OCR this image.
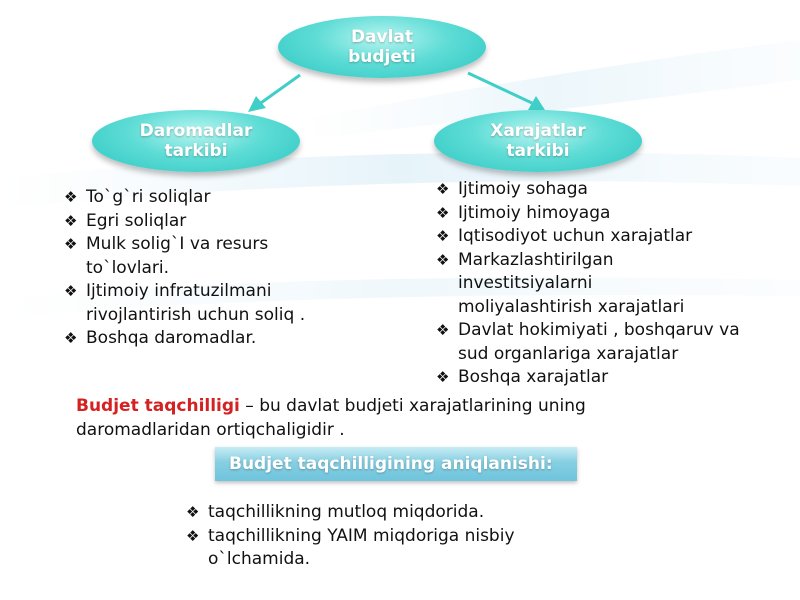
Davlat
budjeti
Daromadlar
tarkibi
Xarajatlar
tarkibi
❖ To`g`ri soliqlar
❖ Egri soliqlar
❖ Mulk solig`I va resurs
to`lovlari.
❖ Ijtimoiy infratuzilmani
rivojlantirish uchun soliq .
❖ Boshqa daromadlar.
❖ Ijtimoiy sohaga
❖ Ijtimoiy himoyaga
❖ Iqtisodiyot uchun xarajatlar
❖ Markazlashtirilgan
investitsiyalarni
moliyalashtirish xarajatlari
❖ Davlat hokimiyati , boshqaruv va
sud organlariga xarajatlar
❖ Boshqa xarajatlar
Budjet taqchilligi – bu davlat budjeti xarajatlarining uning daromadlaridan ortiqchaligidir .
Budjet taqchilligining aniqlanishi:
❖ taqchillikning mutloq miqdorida.
❖ taqchillikning YAIM miqdoriga nisbiy
o`lchamida.
